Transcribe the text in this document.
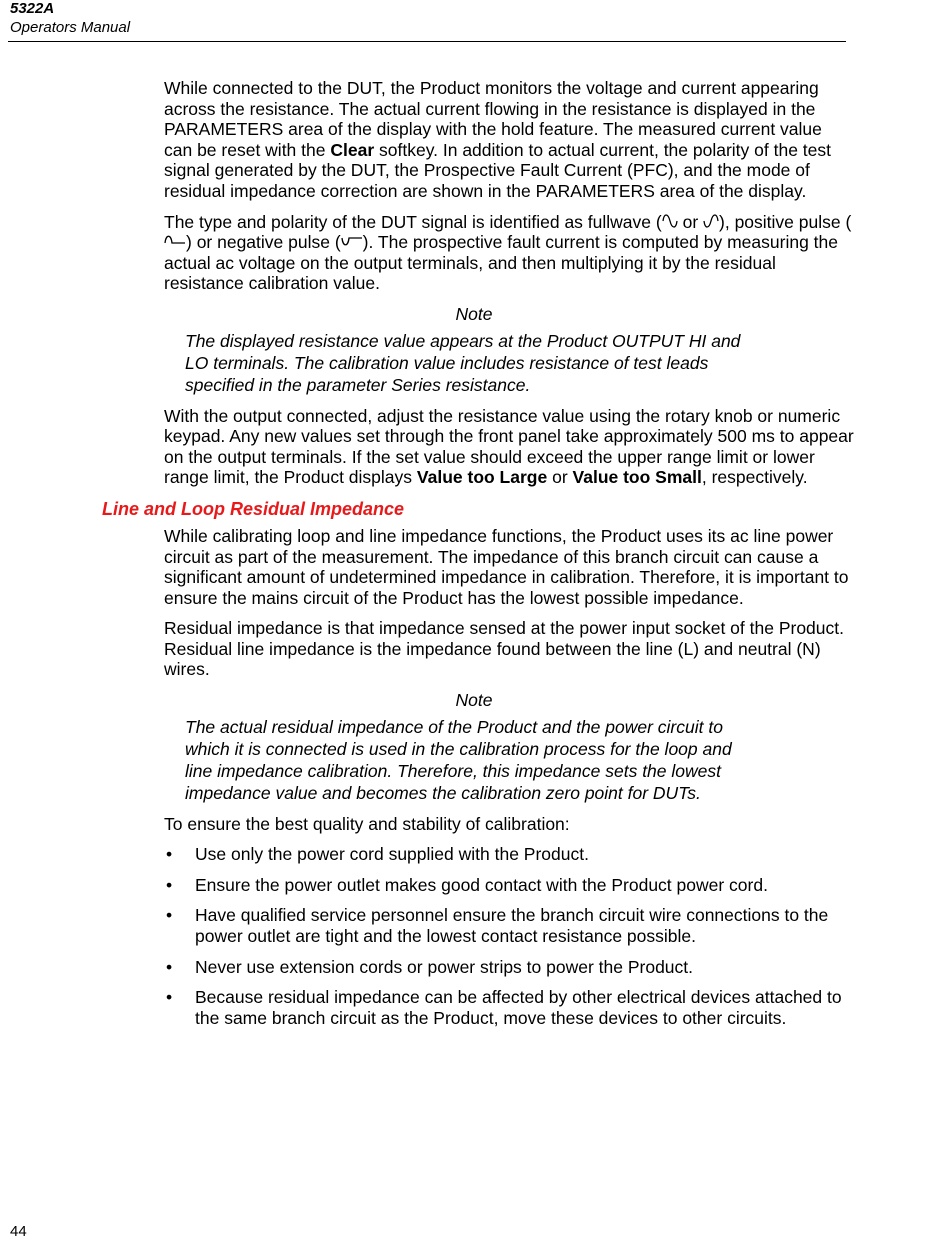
5322A
Operators Manual

While connected to the DUT, the Product monitors the voltage and current appearing across the resistance. The actual current flowing in the resistance is displayed in the PARAMETERS area of the display with the hold feature. The measured current value can be reset with the Clear softkey. In addition to actual current, the polarity of the test signal generated by the DUT, the Prospective Fault Current (PFC), and the mode of residual impedance correction are shown in the PARAMETERS area of the display.

The type and polarity of the DUT signal is identified as fullwave (
or
), positive pulse (
) or negative pulse ( ). The prospective fault current is computed by measuring the actual ac voltage on the output terminals, and then multiplying it by the residual resistance calibration value.

Note
The displayed resistance value appears at the Product OUTPUT HI and LO terminals. The calibration value includes resistance of test leads specified in the parameter Series resistance.

With the output connected, adjust the resistance value using the rotary knob or numeric keypad. Any new values set through the front panel take approximately 500 ms to appear on the output terminals. If the set value should exceed the upper range limit or lower range limit, the Product displays Value too Large or Value too Small, respectively.

Line and Loop Residual Impedance

While calibrating loop and line impedance functions, the Product uses its ac line power circuit as part of the measurement. The impedance of this branch circuit can cause a significant amount of undetermined impedance in calibration. Therefore, it is important to ensure the mains circuit of the Product has the lowest possible impedance.

Residual impedance is that impedance sensed at the power input socket of the Product. Residual line impedance is the impedance found between the line (L) and neutral (N) wires.

Note
The actual residual impedance of the Product and the power circuit to which it is connected is used in the calibration process for the loop and line impedance calibration. Therefore, this impedance sets the lowest impedance value and becomes the calibration zero point for DUTs.

To ensure the best quality and stability of calibration:

• Use only the power cord supplied with the Product.
• Ensure the power outlet makes good contact with the Product power cord.
• Have qualified service personnel ensure the branch circuit wire connections to the power outlet are tight and the lowest contact resistance possible.
• Never use extension cords or power strips to power the Product.
• Because residual impedance can be affected by other electrical devices attached to the same branch circuit as the Product, move these devices to other circuits.
44
